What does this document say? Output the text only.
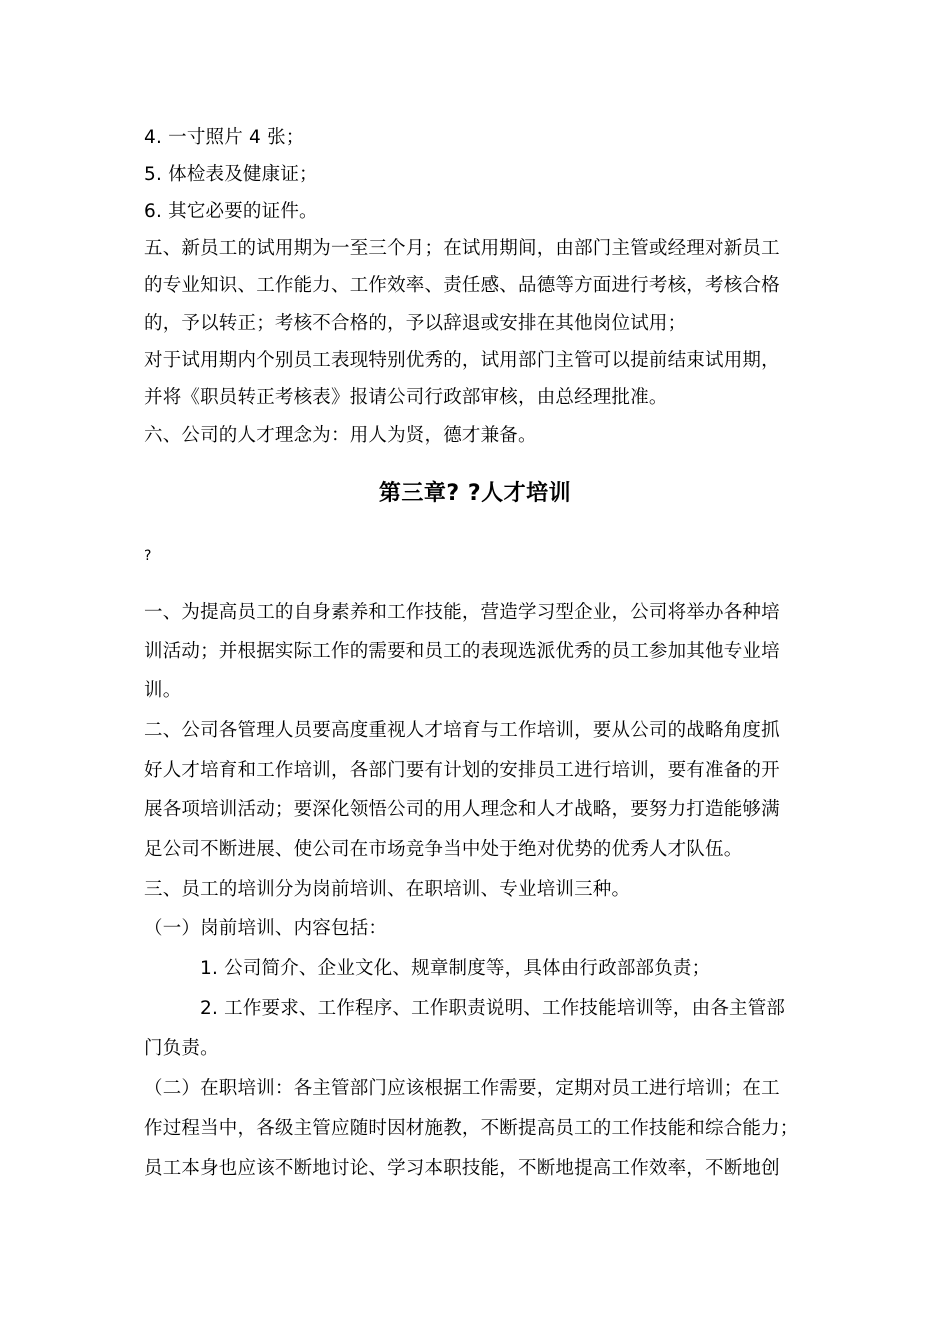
4. 一寸照片 4 张；
5. 体检表及健康证；
6. 其它必要的证件。
五、新员工的试用期为一至三个月；在试用期间，由部门主管或经理对新员工
的专业知识、工作能力、工作效率、责任感、品德等方面进行考核，考核合格
的，予以转正；考核不合格的，予以辞退或安排在其他岗位试用；
对于试用期内个别员工表现特别优秀的，试用部门主管可以提前结束试用期，
并将《职员转正考核表》报请公司行政部审核，由总经理批准。
六、公司的人才理念为：用人为贤，德才兼备。
第三章? ?人才培训
?
一、为提高员工的自身素养和工作技能，营造学习型企业，公司将举办各种培
训活动；并根据实际工作的需要和员工的表现选派优秀的员工参加其他专业培
训。
二、公司各管理人员要高度重视人才培育与工作培训，要从公司的战略角度抓
好人才培育和工作培训，各部门要有计划的安排员工进行培训，要有准备的开
展各项培训活动；要深化领悟公司的用人理念和人才战略，要努力打造能够满
足公司不断进展、使公司在市场竞争当中处于绝对优势的优秀人才队伍。
三、员工的培训分为岗前培训、在职培训、专业培训三种。
（一）岗前培训、内容包括：
1. 公司简介、企业文化、规章制度等，具体由行政部部负责；
2. 工作要求、工作程序、工作职责说明、工作技能培训等，由各主管部
门负责。
（二）在职培训：各主管部门应该根据工作需要，定期对员工进行培训；在工
作过程当中，各级主管应随时因材施教，不断提高员工的工作技能和综合能力；
员工本身也应该不断地讨论、学习本职技能，不断地提高工作效率，不断地创
